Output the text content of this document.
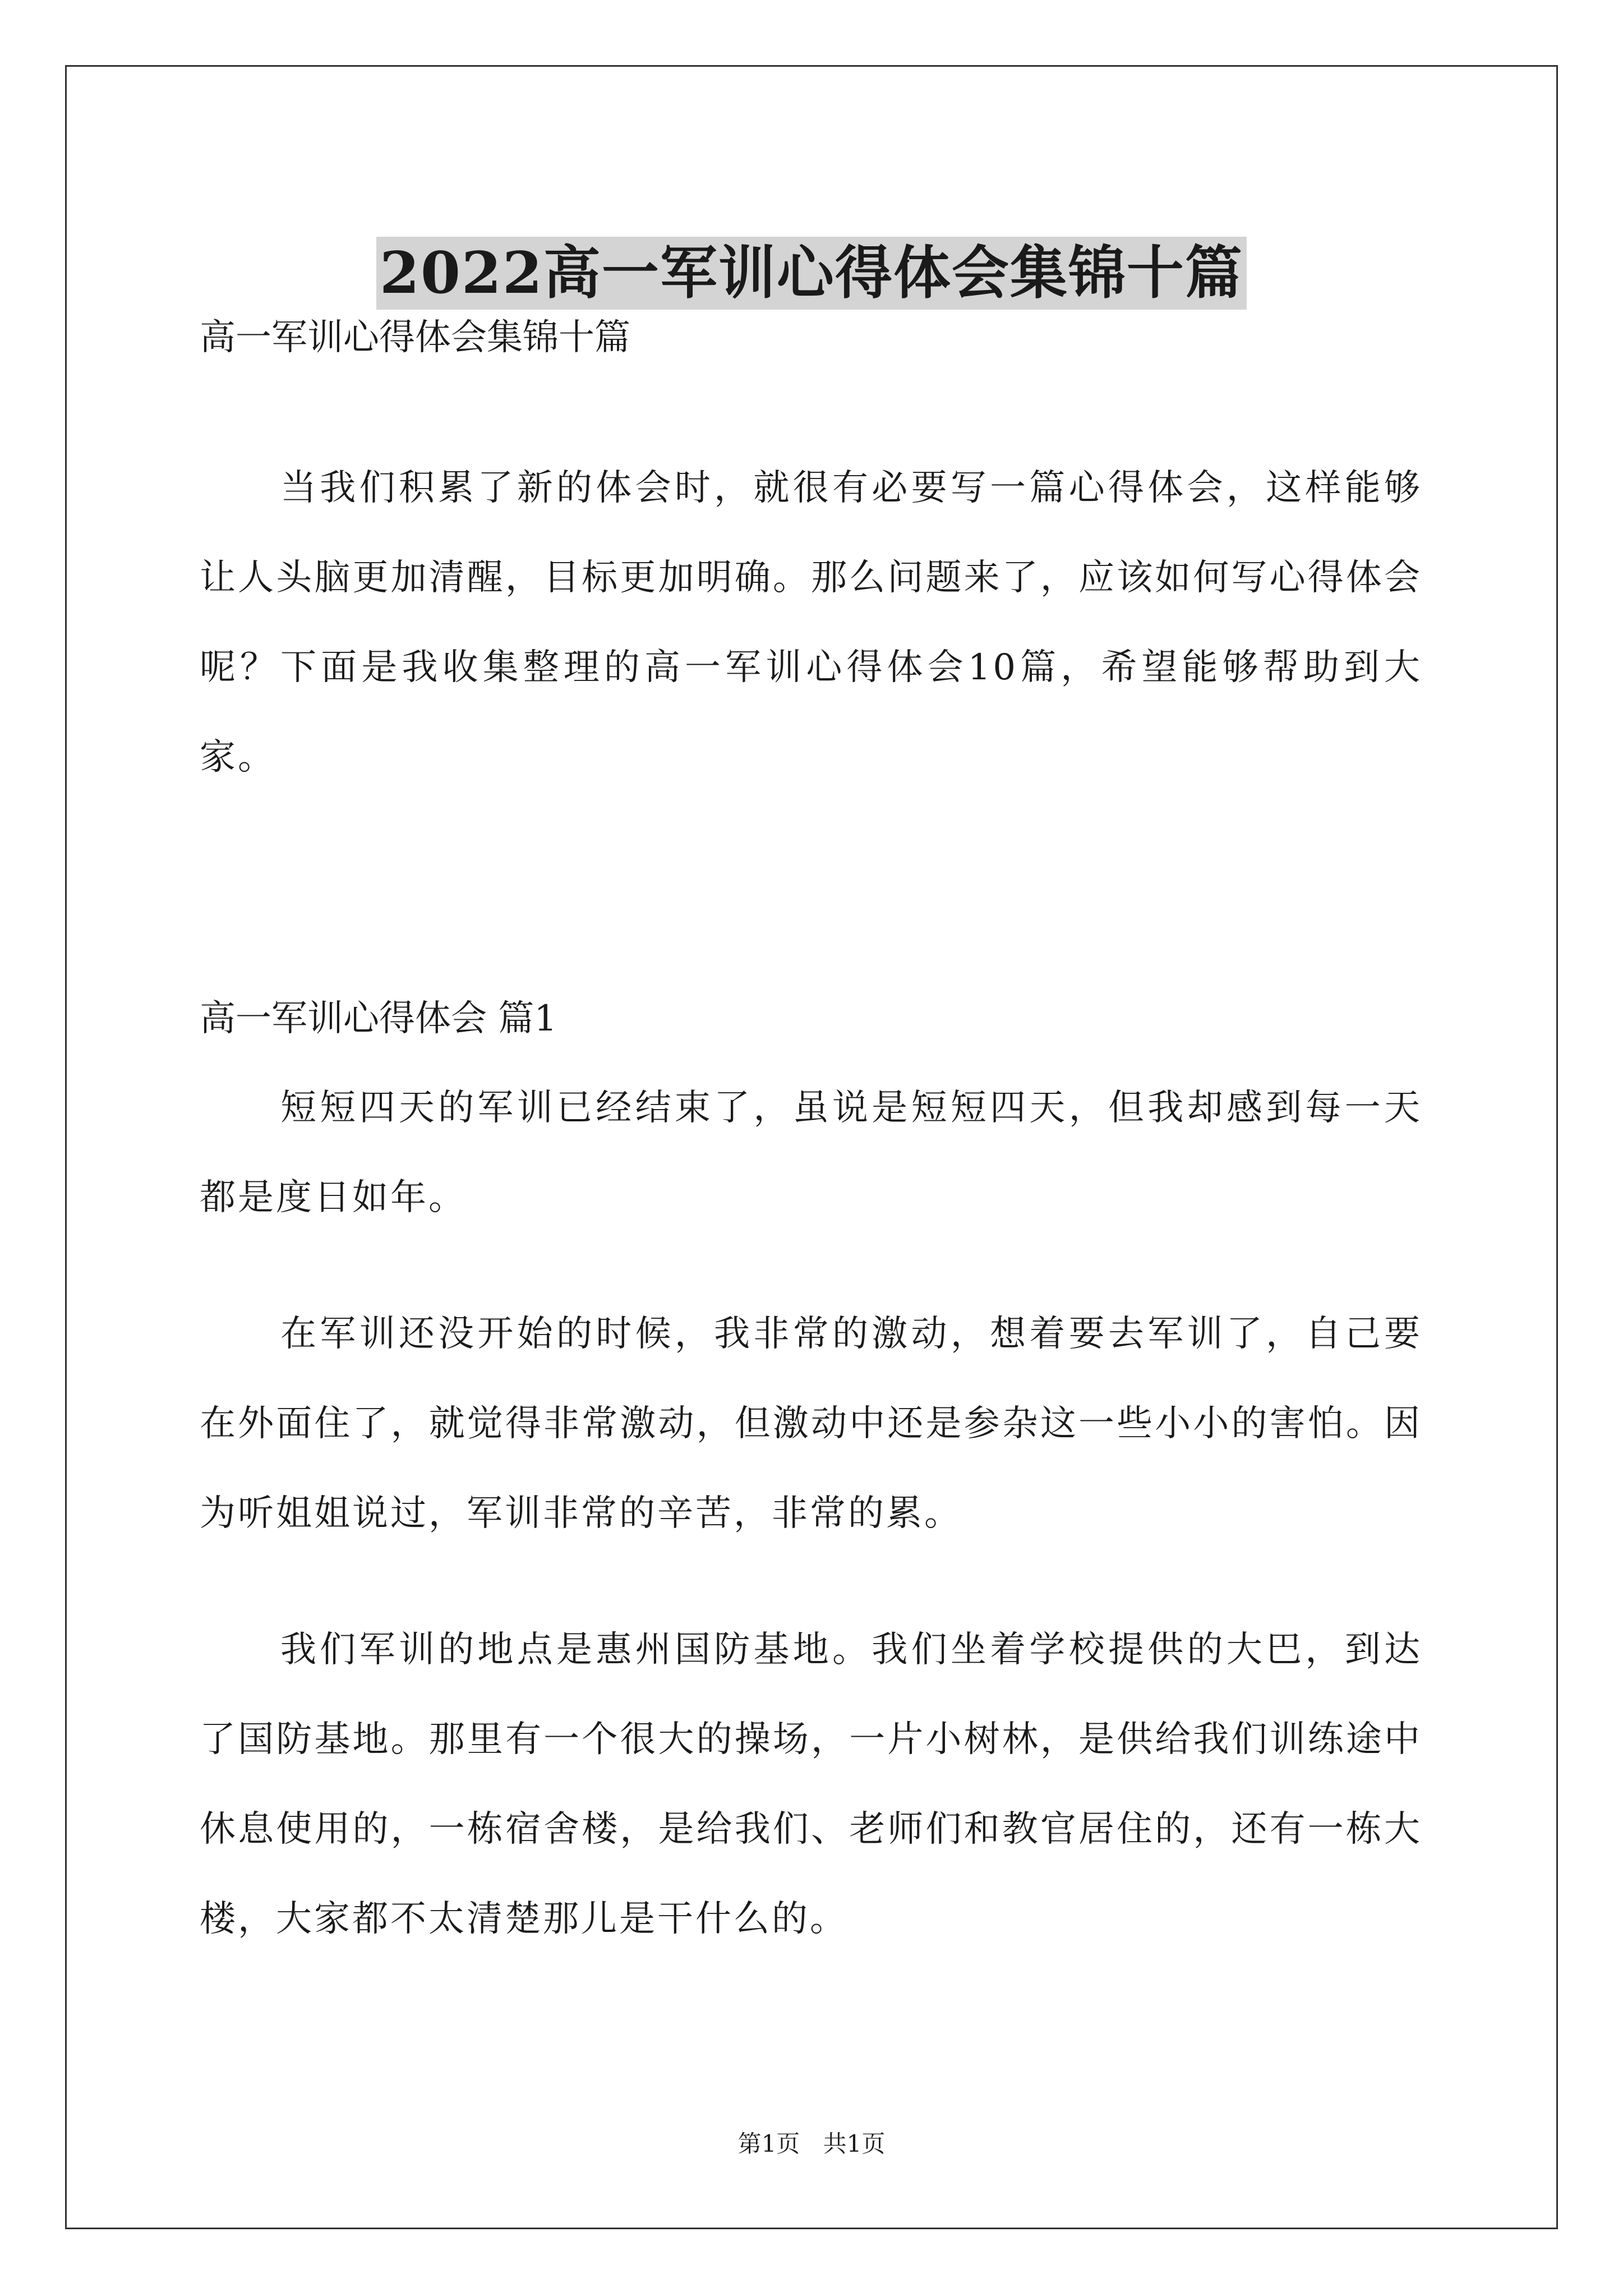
2022高一军训心得体会集锦十篇

高一军训心得体会集锦十篇

当我们积累了新的体会时，就很有必要写一篇心得体会，这样能够让人头脑更加清醒，目标更加明确。那么问题来了，应该如何写心得体会呢？下面是我收集整理的高一军训心得体会10篇，希望能够帮助到大家。

高一军训心得体会 篇1

短短四天的军训已经结束了，虽说是短短四天，但我却感到每一天都是度日如年。

在军训还没开始的时候，我非常的激动，想着要去军训了，自己要在外面住了，就觉得非常激动，但激动中还是参杂这一些小小的害怕。因为听姐姐说过，军训非常的辛苦，非常的累。

我们军训的地点是惠州国防基地。我们坐着学校提供的大巴，到达了国防基地。那里有一个很大的操场，一片小树林，是供给我们训练途中休息使用的，一栋宿舍楼，是给我们、老师们和教官居住的，还有一栋大楼，大家都不太清楚那儿是干什么的。

第1页 共1页
